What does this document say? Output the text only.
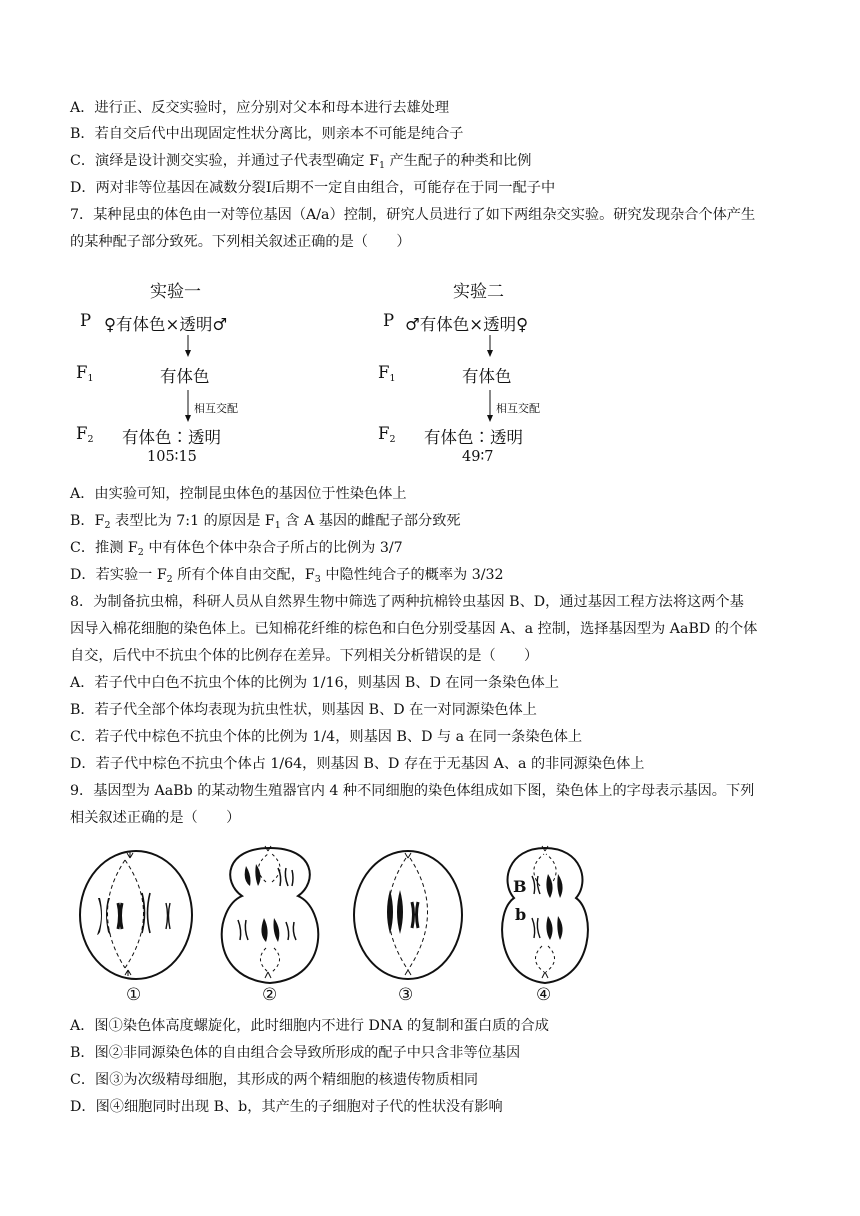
A．进行正、反交实验时，应分别对父本和母本进行去雄处理
B．若自交后代中出现固定性状分离比，则亲本不可能是纯合子
C．演绎是设计测交实验，并通过子代表型确定 $F_1$ 产生配子的种类和比例
D．两对非等位基因在减数分裂Ⅰ后期不一定自由组合，可能存在于同一配子中
7．某种昆虫的体色由一对等位基因（A/a）控制，研究人员进行了如下两组杂交实验。研究发现杂合个体产生
的某种配子部分致死。下列相关叙述正确的是（　　）
实验一
P ♀有体色×透明♂
$F_1$	有体色
相互交配
$F_2$ 有体色∶透明
105∶15
实验二
P ♂有体色×透明♀
$F_1$	有体色
相互交配
$F_2$ 有体色∶透明
49∶7
A．由实验可知，控制昆虫体色的基因位于性染色体上
B．$F_2$ 表型比为 7:1 的原因是 $F_1$ 含 A 基因的雌配子部分致死
C．推测 $F_2$ 中有体色个体中杂合子所占的比例为 3/7
D．若实验一 $F_2$ 所有个体自由交配，$F_3$ 中隐性纯合子的概率为 3/32
8．为制备抗虫棉，科研人员从自然界生物中筛选了两种抗棉铃虫基因 B、D，通过基因工程方法将这两个基
因导入棉花细胞的染色体上。已知棉花纤维的棕色和白色分别受基因 A、a 控制，选择基因型为 AaBD 的个体
自交，后代中不抗虫个体的比例存在差异。下列相关分析错误的是（　　）
A．若子代中白色不抗虫个体的比例为 1/16，则基因 B、D 在同一条染色体上
B．若子代全部个体均表现为抗虫性状，则基因 B、D 在一对同源染色体上
C．若子代中棕色不抗虫个体的比例为 1/4，则基因 B、D 与 a 在同一条染色体上
D．若子代中棕色不抗虫个体占 1/64，则基因 B、D 存在于无基因 A、a 的非同源染色体上
9．基因型为 AaBb 的某动物生殖器官内 4 种不同细胞的染色体组成如下图，染色体上的字母表示基因。下列
相关叙述正确的是（　　）
B
b
①	②	③	④
A．图①染色体高度螺旋化，此时细胞内不进行 DNA 的复制和蛋白质的合成
B．图②非同源染色体的自由组合会导致所形成的配子中只含非等位基因
C．图③为次级精母细胞，其形成的两个精细胞的核遗传物质相同
D．图④细胞同时出现 B、b，其产生的子细胞对子代的性状没有影响
